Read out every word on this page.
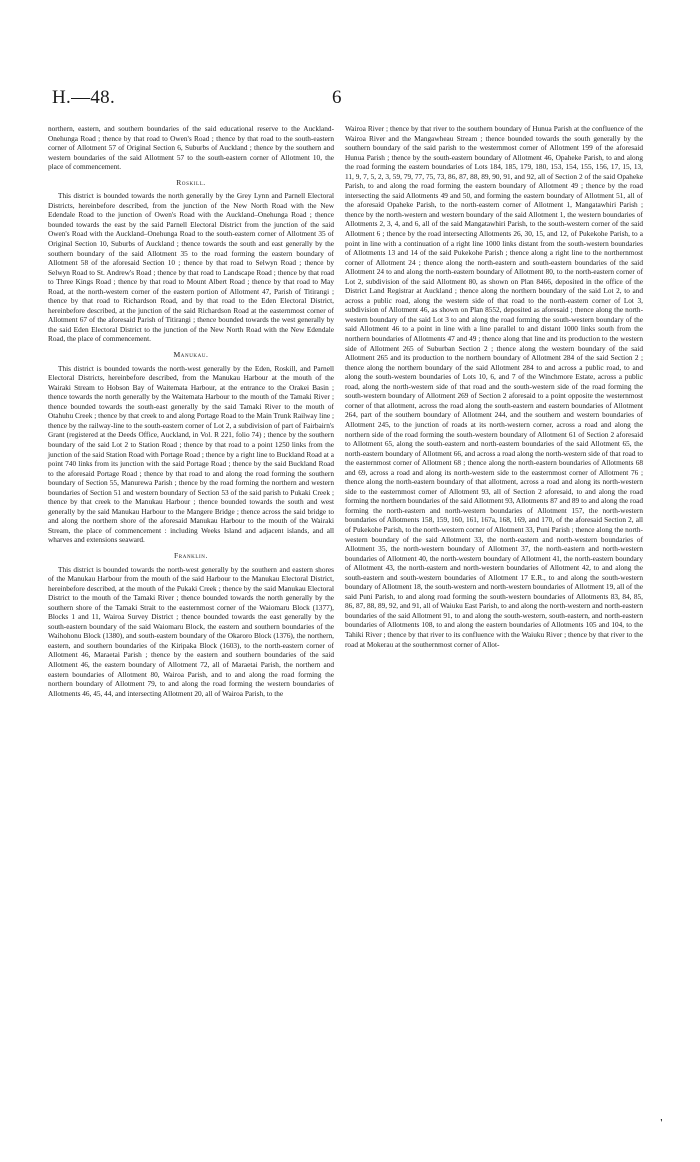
H.—48.	6

northern, eastern, and southern boundaries of the said educational reserve to the Auckland-Onehunga Road ; thence by that road to Owen's Road ; thence by that road to the south-eastern corner of Allotment 57 of Original Section 6, Suburbs of Auckland ; thence by the southern and western boundaries of the said Allotment 57 to the south-eastern corner of Allotment 10, the place of commencement.

Roskill.

This district is bounded towards the north generally by the Grey Lynn and Parnell Electoral Districts, hereinbefore described, from the junction of the New North Road with the New Edendale Road to the junction of Owen's Road with the Auckland–Onehunga Road ; thence bounded towards the east by the said Parnell Electoral District from the junction of the said Owen's Road with the Auckland–Onehunga Road to the south-eastern corner of Allotment 35 of Original Section 10, Suburbs of Auckland ; thence towards the south and east generally by the southern boundary of the said Allotment 35 to the road forming the eastern boundary of Allotment 58 of the aforesaid Section 10 ; thence by that road to Selwyn Road ; thence by Selwyn Road to St. Andrew's Road ; thence by that road to Landscape Road ; thence by that road to Three Kings Road ; thence by that road to Mount Albert Road ; thence by that road to May Road, at the north-western corner of the eastern portion of Allotment 47, Parish of Titirangi ; thence by that road to Richardson Road, and by that road to the Eden Electoral District, hereinbefore described, at the junction of the said Richardson Road at the easternmost corner of Allotment 67 of the aforesaid Parish of Titirangi ; thence bounded towards the west generally by the said Eden Electoral District to the junction of the New North Road with the New Edendale Road, the place of commencement.

Manukau.

This district is bounded towards the north-west generally by the Eden, Roskill, and Parnell Electoral Districts, hereinbefore described, from the Manukau Harbour at the mouth of the Wairaki Stream to Hobson Bay of Waitemata Harbour, at the entrance to the Orakei Basin ; thence towards the north generally by the Waitemata Harbour to the mouth of the Tamaki River ; thence bounded towards the south-east generally by the said Tamaki River to the mouth of Otahuhu Creek ; thence by that creek to and along Portage Road to the Main Trunk Railway line ; thence by the railway-line to the south-eastern corner of Lot 2, a subdivision of part of Fairbairn's Grant (registered at the Deeds Office, Auckland, in Vol. R 221, folio 74) ; thence by the southern boundary of the said Lot 2 to Station Road ; thence by that road to a point 1250 links from the junction of the said Station Road with Portage Road ; thence by a right line to Buckland Road at a point 740 links from its junction with the said Portage Road ; thence by the said Buckland Road to the aforesaid Portage Road ; thence by that road to and along the road forming the southern boundary of Section 55, Manurewa Parish ; thence by the road forming the northern and western boundaries of Section 51 and western boundary of Section 53 of the said parish to Pukaki Creek ; thence by that creek to the Manukau Harbour ; thence bounded towards the south and west generally by the said Manukau Harbour to the Mangere Bridge ; thence across the said bridge to and along the northern shore of the aforesaid Manukau Harbour to the mouth of the Wairaki Stream, the place of commencement : including Weeks Island and adjacent islands, and all wharves and extensions seaward.

Franklin.

This district is bounded towards the north-west generally by the southern and eastern shores of the Manukau Harbour from the mouth of the said Harbour to the Manukau Electoral District, hereinbefore described, at the mouth of the Pukaki Creek ; thence by the said Manukau Electoral District to the mouth of the Tamaki River ; thence bounded towards the north generally by the southern shore of the Tamaki Strait to the easternmost corner of the Waiomaru Block (1377), Blocks 1 and 11, Wairoa Survey District ; thence bounded towards the east generally by the south-eastern boundary of the said Waiomaru Block, the eastern and southern boundaries of the Waihohonu Block (1380), and south-eastern boundary of the Okaroro Block (1376), the northern, eastern, and southern boundaries of the Kiripaka Block (1603), to the north-eastern corner of Allotment 46, Maraetai Parish ; thence by the eastern and southern boundaries of the said Allotment 46, the eastern boundary of Allotment 72, all of Maraetai Parish, the northern and eastern boundaries of Allotment 80, Wairoa Parish, and to and along the road forming the northern boundary of Allotment 79, to and along the road forming the western boundaries of Allotments 46, 45, 44, and intersecting Allotment 20, all of Wairoa Parish, to the

Wairoa River ; thence by that river to the southern boundary of Hunua Parish at the confluence of the Wairoa River and the Mangawheau Stream ; thence bounded towards the south generally by the southern boundary of the said parish to the westernmost corner of Allotment 199 of the aforesaid Hunua Parish ; thence by the south-eastern boundary of Allotment 46, Opaheke Parish, to and along the road forming the eastern boundaries of Lots 184, 185, 179, 180, 153, 154, 155, 156, 17, 15, 13, 11, 9, 7, 5, 2, 3, 59, 79, 77, 75, 73, 86, 87, 88, 89, 90, 91, and 92, all of Section 2 of the said Opaheke Parish, to and along the road forming the eastern boundary of Allotment 49 ; thence by the road intersecting the said Allotments 49 and 50, and forming the eastern boundary of Allotment 51, all of the aforesaid Opaheke Parish, to the north-eastern corner of Allotment 1, Mangatawhiri Parish ; thence by the north-western and western boundary of the said Allotment 1, the western boundaries of Allotments 2, 3, 4, and 6, all of the said Mangatawhiri Parish, to the south-western corner of the said Allotment 6 ; thence by the road intersecting Allotments 26, 30, 15, and 12, of Pukekohe Parish, to a point in line with a continuation of a right line 1000 links distant from the south-western boundaries of Allotments 13 and 14 of the said Pukekohe Parish ; thence along a right line to the northernmost corner of Allotment 24 ; thence along the north-eastern and south-eastern boundaries of the said Allotment 24 to and along the north-eastern boundary of Allotment 80, to the north-eastern corner of Lot 2, subdivision of the said Allotment 80, as shown on Plan 8466, deposited in the office of the District Land Registrar at Auckland ; thence along the northern boundary of the said Lot 2, to and across a public road, along the western side of that road to the north-eastern corner of Lot 3, subdivision of Allotment 46, as shown on Plan 8552, deposited as aforesaid ; thence along the north-western boundary of the said Lot 3 to and along the road forming the south-western boundary of the said Allotment 46 to a point in line with a line parallel to and distant 1000 links south from the northern boundaries of Allotments 47 and 49 ; thence along that line and its production to the western side of Allotment 265 of Suburban Section 2 ; thence along the western boundary of the said Allotment 265 and its production to the northern boundary of Allotment 284 of the said Section 2 ; thence along the northern boundary of the said Allotment 284 to and across a public road, to and along the south-western boundaries of Lots 10, 6, and 7 of the Winchmore Estate, across a public road, along the north-western side of that road and the south-western side of the road forming the south-western boundary of Allotment 269 of Section 2 aforesaid to a point opposite the westernmost corner of that allotment, across the road along the south-eastern and eastern boundaries of Allotment 264, part of the southern boundary of Allotment 244, and the southern and western boundaries of Allotment 245, to the junction of roads at its north-western corner, across a road and along the northern side of the road forming the south-western boundary of Allotment 61 of Section 2 aforesaid to Allotment 65, along the south-eastern and north-eastern boundaries of the said Allotment 65, the north-eastern boundary of Allotment 66, and across a road along the north-western side of that road to the easternmost corner of Allotment 68 ; thence along the north-eastern boundaries of Allotments 68 and 69, across a road and along its north-western side to the easternmost corner of Allotment 76 ; thence along the north-eastern boundary of that allotment, across a road and along its north-western side to the easternmost corner of Allotment 93, all of Section 2 aforesaid, to and along the road forming the northern boundaries of the said Allotment 93, Allotments 87 and 89 to and along the road forming the north-eastern and north-western boundaries of Allotment 157, the north-western boundaries of Allotments 158, 159, 160, 161, 167a, 168, 169, and 170, of the aforesaid Section 2, all of Pukekohe Parish, to the north-western corner of Allotment 33, Puni Parish ; thence along the north-western boundary of the said Allotment 33, the north-eastern and north-western boundaries of Allotment 35, the north-western boundary of Allotment 37, the north-eastern and north-western boundaries of Allotment 40, the north-western boundary of Allotment 41, the north-eastern boundary of Allotment 43, the north-eastern and north-western boundaries of Allotment 42, to and along the south-eastern and south-western boundaries of Allotment 17 E.R., to and along the south-western boundary of Allotment 18, the south-western and north-western boundaries of Allotment 19, all of the said Puni Parish, to and along road forming the south-western boundaries of Allotments 83, 84, 85, 86, 87, 88, 89, 92, and 91, all of Waiuku East Parish, to and along the north-western and north-eastern boundaries of the said Allotment 91, to and along the south-western, south-eastern, and north-eastern boundaries of Allotments 108, to and along the eastern boundaries of Allotments 105 and 104, to the Tahiki River ; thence by that river to its confluence with the Waiuku River ; thence by that river to the road at Mokerau at the southernmost corner of Allot-

'
